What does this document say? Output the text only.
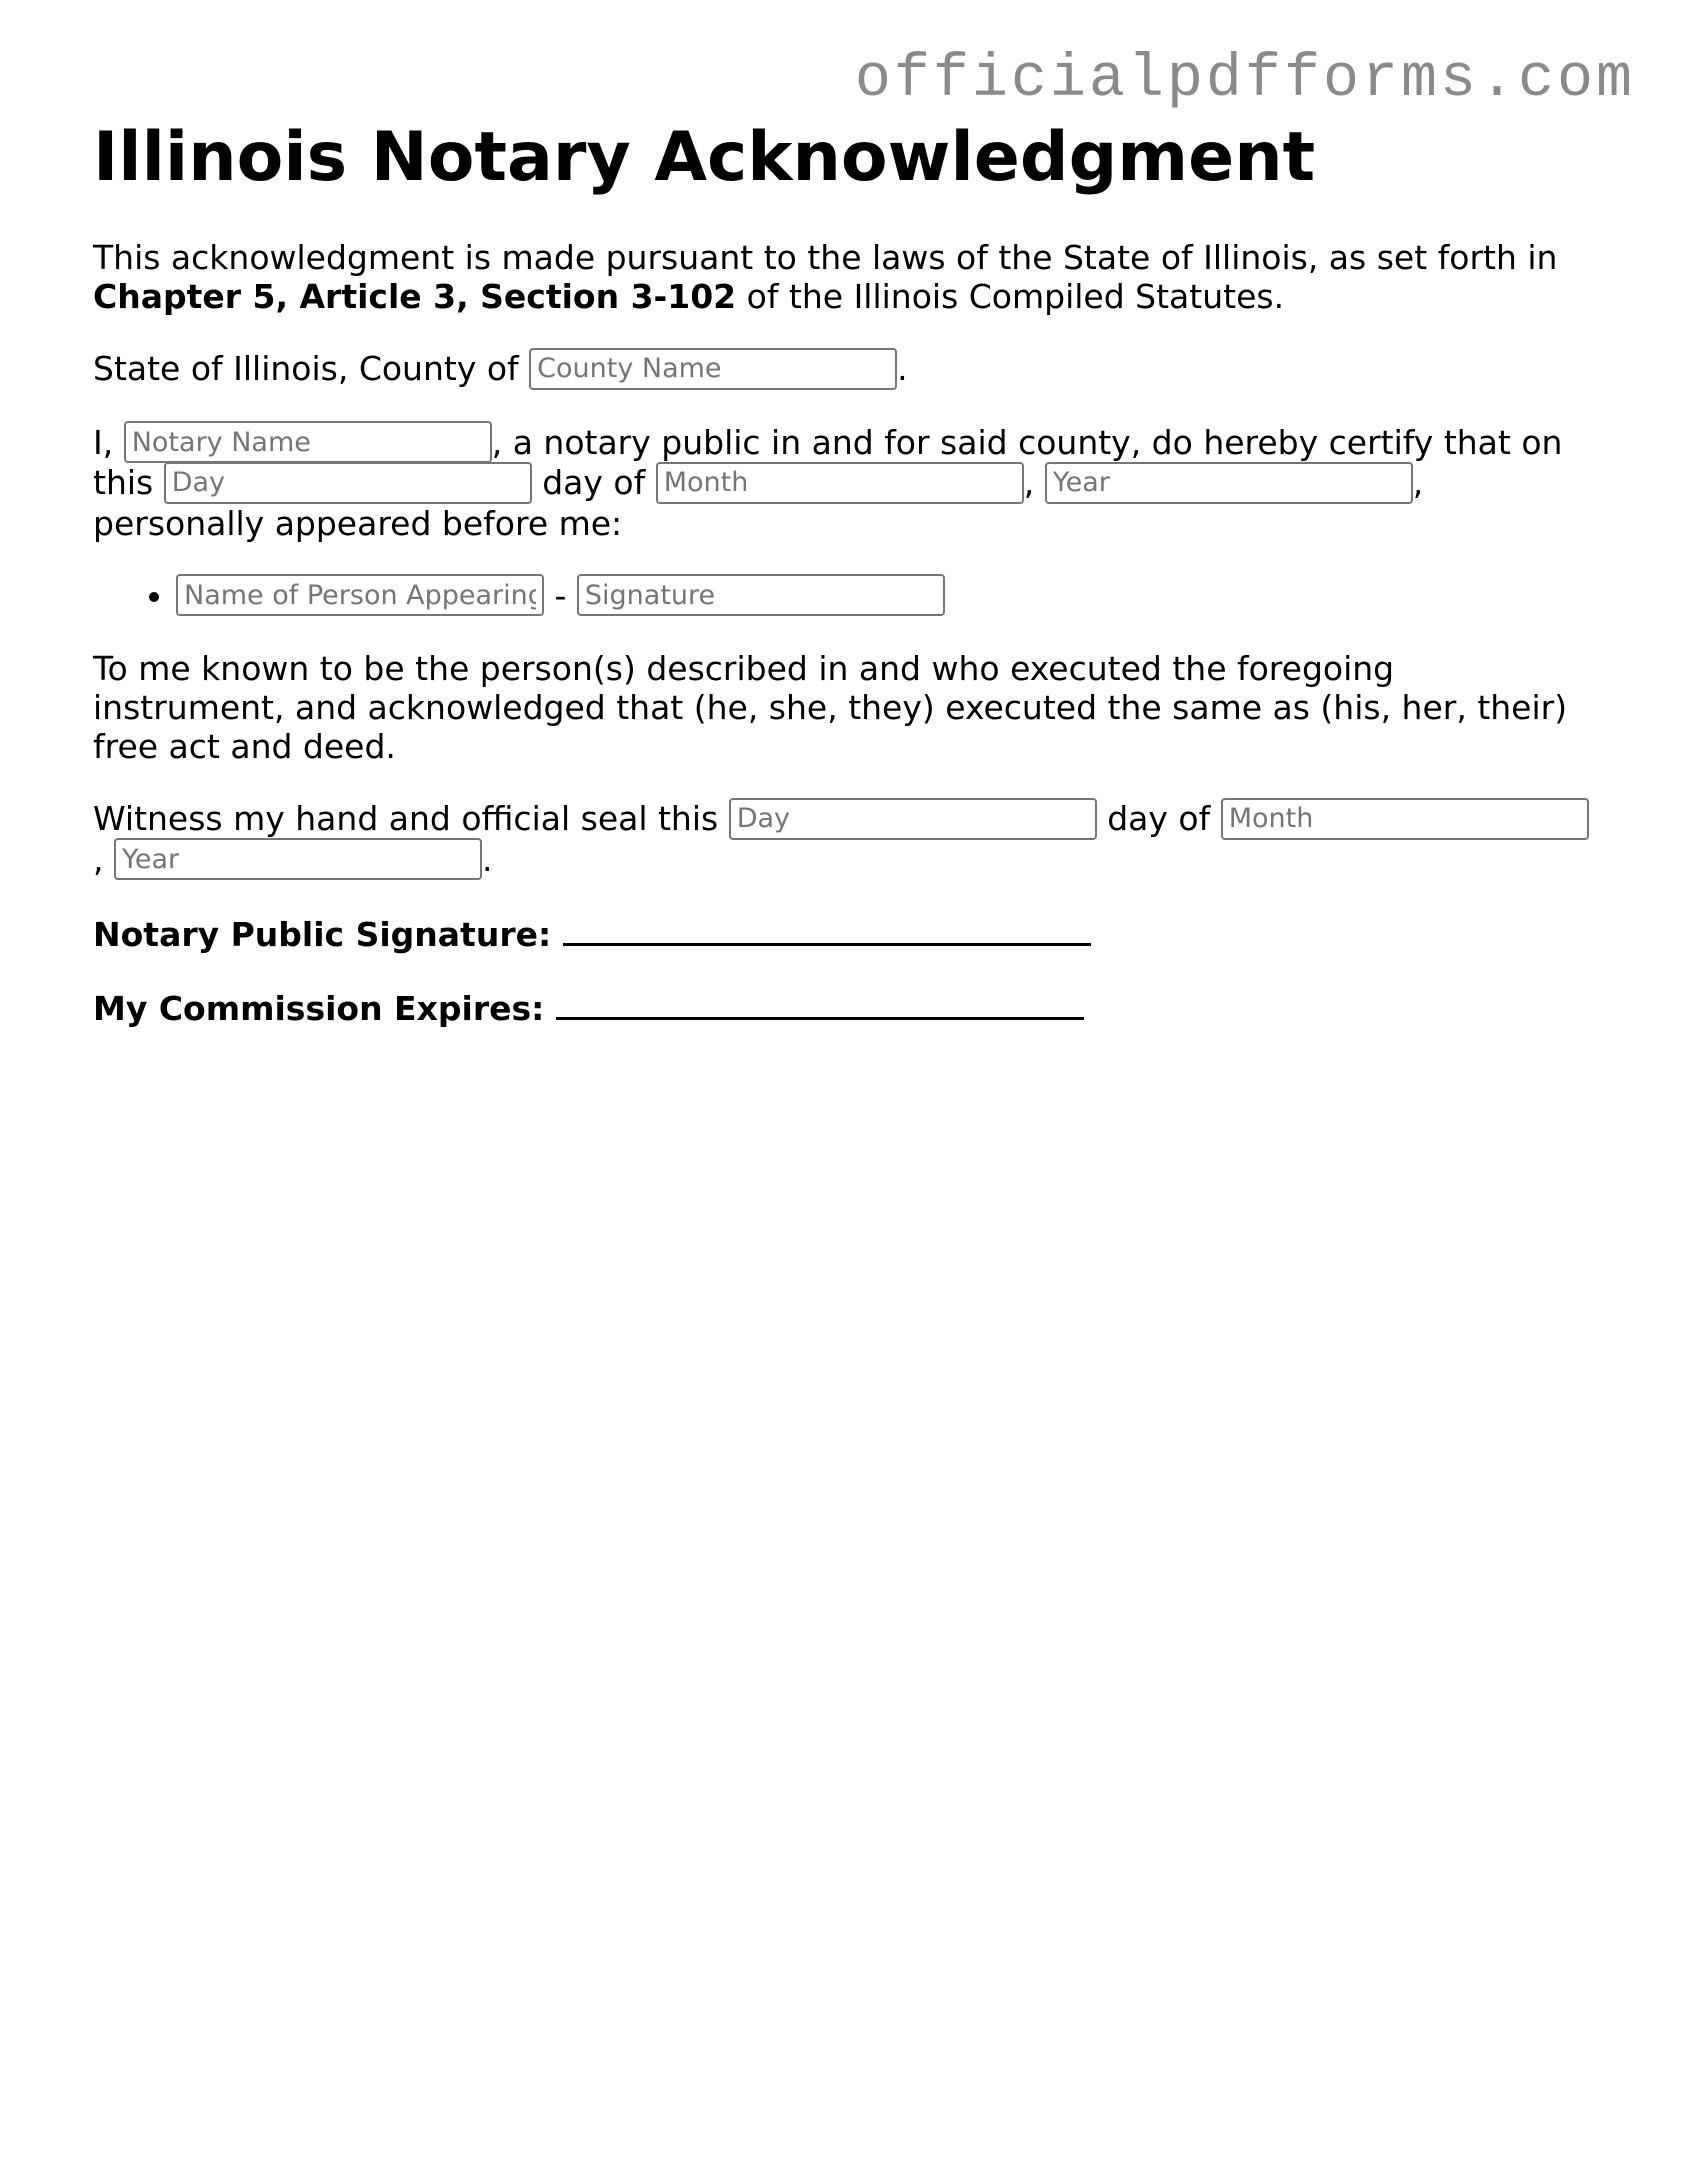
officialpdfforms.com
Illinois Notary Acknowledgment

This acknowledgment is made pursuant to the laws of the State of Illinois, as set forth in Chapter 5, Article 3, Section 3-102 of the Illinois Compiled Statutes.

State of Illinois, County of County Name	.

I, Notary Name	, a notary public in and for said county, do hereby certify that on this Day	day of Month	, Year	, personally appeared before me:

Name of Person Appearing • - Signature

To me known to be the person(s) described in and who executed the foregoing instrument, and acknowledged that (he, she, they) executed the same as (his, her, their) free act and deed.

Witness my hand and official seal this Day	day of Month, Year	.

Notary Public Signature:
My Commission Expires:
